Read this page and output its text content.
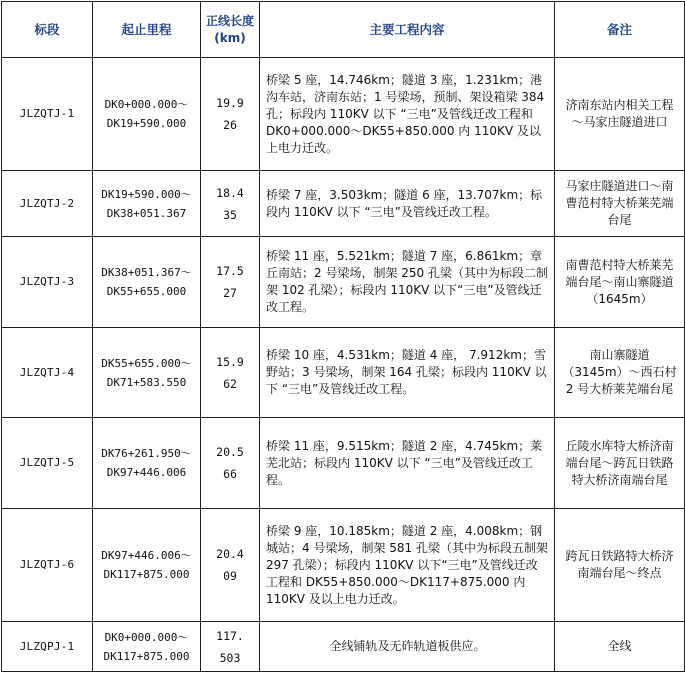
标段	起止里程	正线长度(km)	主要工程内容	备注
JLZQTJ-1	DK0+000.000～DK19+590.000	19.926	桥梁 5 座，14.746km；隧道 3 座，1.231km；港沟车站，济南东站；1 号梁场，预制、架设箱梁 384 孔；标段内 110KV 以下 “三电”及管线迁改工程和 DK0+000.000～DK55+850.000 内 110KV 及以上电力迁改。	济南东站内相关工程～马家庄隧道进口
JLZQTJ-2	DK19+590.000～DK38+051.367	18.435	桥梁 7 座，3.503km；隧道 6 座，13.707km；标段内 110KV 以下 “三电”及管线迁改工程。	马家庄隧道进口～南曹范村特大桥莱芜端台尾
JLZQTJ-3	DK38+051.367～DK55+655.000	17.527	桥梁 11 座，5.521km；隧道 7 座，6.861km；章丘南站；2 号梁场，制架 250 孔梁（其中为标段二制架 102 孔梁）；标段内 110KV 以下“三电”及管线迁改工程。	南曹范村特大桥莱芜端台尾～南山寨隧道（1645m）
JLZQTJ-4	DK55+655.000～DK71+583.550	15.962	桥梁 10 座，4.531km；隧道 4 座， 7.912km；雪野站；3 号梁场，制架 164 孔梁；标段内 110KV 以下 “三电”及管线迁改工程。	南山寨隧道（3145m）～西石村 2 号大桥莱芜端台尾
JLZQTJ-5	DK76+261.950～DK97+446.006	20.566	桥梁 11 座，9.515km；隧道 2 座，4.745km；莱芜北站；标段内 110KV 以下 “三电”及管线迁改工程。	丘陵水库特大桥济南端台尾～跨瓦日铁路特大桥济南端台尾
JLZQTJ-6	DK97+446.006～DK117+875.000	20.409	桥梁 9 座，10.185km；隧道 2 座，4.008km；钢城站；4 号梁场，制架 581 孔梁（其中为标段五制架 297 孔梁）；标段内 110KV 以下“三电”及管线迁改工程和 DK55+850.000～DK117+875.000 内 110KV 及以上电力迁改。	跨瓦日铁路特大桥济南端台尾～终点
JLZQPJ-1	DK0+000.000～DK117+875.000	117.503	全线铺轨及无砟轨道板供应。	全线
